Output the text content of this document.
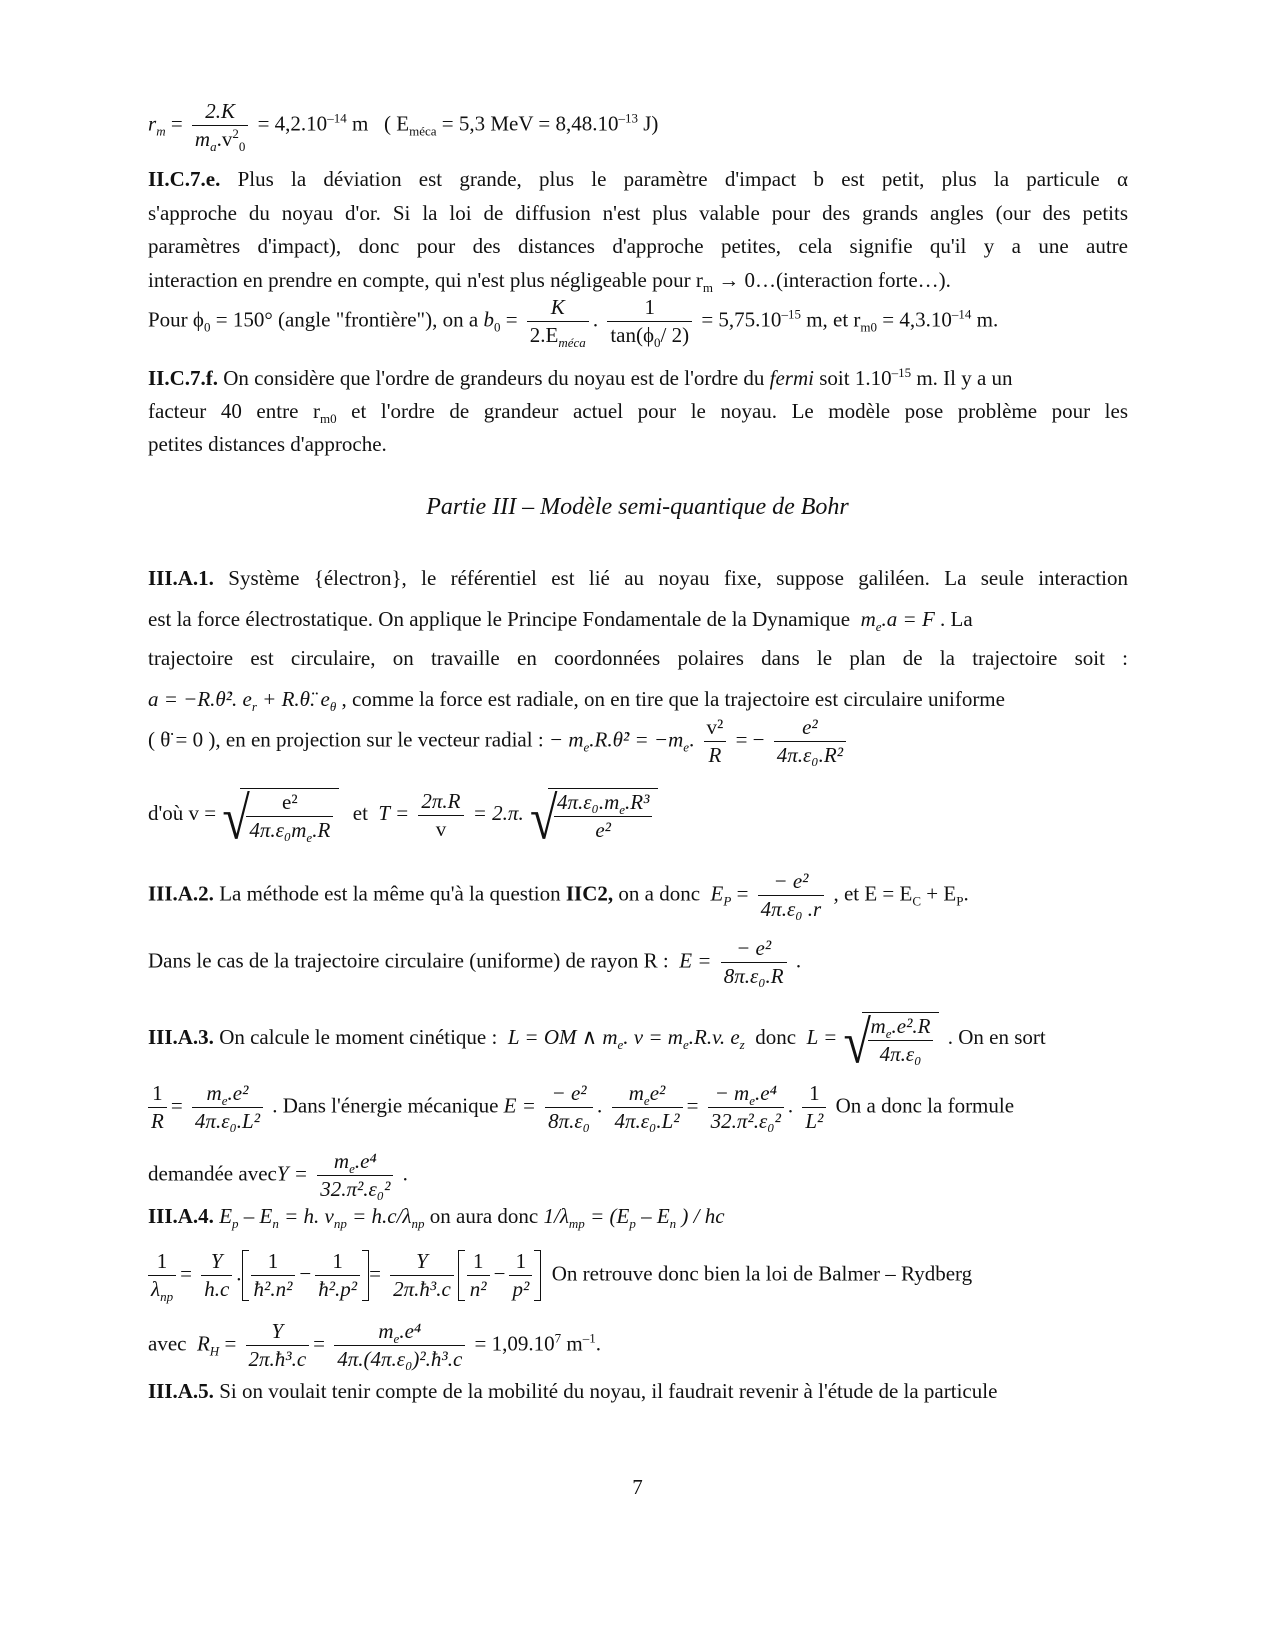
$r_m = \frac{2.K}{m_a.v^2_0} = 4,2.10^{-14}$ m ( $E_{méca} = 5,3$ MeV = $8,48.10^{-13}$ J)
II.C.7.e. Plus la déviation est grande, plus le paramètre d'impact b est petit, plus la particule α
s'approche du noyau d'or. Si la loi de diffusion n'est plus valable pour des grands angles (our des petits
paramètres d'impact), donc pour des distances d'approche petites, cela signifie qu'il y a une autre
interaction en prendre en compte, qui n'est plus négligeable pour $r_m$ → 0…(interaction forte…).
Pour $\phi_0 = 150^\circ$ (angle "frontière"), on a $b_0 = \frac{K}{2.E_{méca}}$ . $\frac{1}{\tan(\phi_0/ 2)} = 5,75.10^{-15}$ m, et $r_{m0} = 4,3.10^{-14}$ m.
II.C.7.f. On considère que l'ordre de grandeurs du noyau est de l'ordre du fermi soit $1.10^{-15}$ m. Il y a un
facteur 40 entre $r_{m0}$ et l'ordre de grandeur actuel pour le noyau. Le modèle pose problème pour les
petites distances d'approche.
Partie III – Modèle semi-quantique de Bohr
III.A.1. Système {électron}, le référentiel est lié au noyau fixe, suppose galiléen. La seule interaction
est la force électrostatique. On applique le Principe Fondamentale de la Dynamique $m_e.a = F$ . La
trajectoire est circulaire, on travaille en coordonnées polaires dans le plan de la trajectoire soit :
a = −R.θ̇². $e_r$ + R.θ̈. $e_\theta$ , comme la force est radiale, on en tire que la trajectoire est circulaire uniforme
( θ̈ = 0 ), en en projection sur le vecteur radial : − $m_e.R.\thetȧ^2 = -m_e$. $\frac{\text{v²}}{R}$ = − $\frac{\text{e²}}{\text{4π.ε₀.R²}}$
d'où v = √ $\frac{\text{e²}}{4\pi.\varepsilon_0m_e.R}$ et $T = \frac{2\pi.R}{v} = 2.\pi$. √ $\frac{4\pi.\varepsilon_0.m_e.R^3}{\text{e²}}$
III.A.2. La méthode est la même qu'à la question IIC2, on a donc $E_P = \frac{\text{− e²}}{\text{4π.ε₀ .r}}$ , et $E = E_C + E_P$.
Dans le cas de la trajectoire circulaire (uniforme) de rayon R : $E = \frac{\text{− e²}}{\text{8π.ε₀.R}}$ .
III.A.3. On calcule le moment cinétique : L = OM ∧ $m_e$. $v = m_e.R.v$. $e_z$ donc L = √ $\frac{m_e.e^2.R}{\text{4π.ε₀}}$ . On en sort
$\frac{1}{R} = \frac{m_e.e^2}{\text{4π.ε₀.L²}}$ . Dans l'énergie mécanique $E = \frac{\text{− e²}}{\text{8π.ε₀}}$ . $\frac{m_ee^2}{\text{4π.ε₀.L²}} = \frac{- m_e.e^4}{\text{32.π².ε₀²}}$ . $\frac{1}{\text{L²}}$ On a donc la formule
demandée avecY = $\frac{m_e.e^4}{\text{32.π².ε₀²}}$ .
III.A.4. $E_p - E_n = h$. $\nu_{np} = h.c/\lambda_{np}$ on aura donc $1/\lambda_{mp} = (E_p - E_n$ ) / hc
$\frac{1}{\lambda_{np}} = \frac{Y}{h.c}$ . $\frac{1}{\text{ħ².n²}} - \frac{1}{\text{ħ².p²}} = \frac{Y}{\text{2π.ħ³.c}} \frac{1}{\text{n²}} - \frac{1}{\text{p²}}$ On retrouve donc bien la loi de Balmer – Rydberg
avec $R_H = \frac{Y}{\text{2π.ħ³.c}} = \frac{m_e.e^4}{\text{4π.(4π.ε₀)².ħ³.c}} = 1,09.10^7$ $m^{-1}$.
III.A.5. Si on voulait tenir compte de la mobilité du noyau, il faudrait revenir à l'étude de la particule
7
